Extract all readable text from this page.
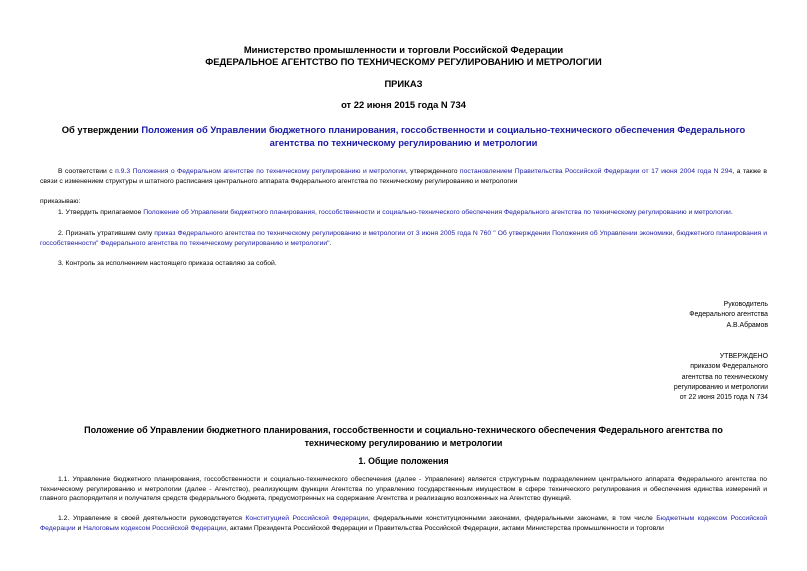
Министерство промышленности и торговли Российской Федерации
ФЕДЕРАЛЬНОЕ АГЕНТСТВО ПО ТЕХНИЧЕСКОМУ РЕГУЛИРОВАНИЮ И МЕТРОЛОГИИ
ПРИКАЗ
от 22 июня 2015 года N 734
Об утверждении Положения об Управлении бюджетного планирования, госсобственности и социально-технического обеспечения Федерального агентства по техническому регулированию и метрологии
В соответствии с п.9.3 Положения о Федеральном агентстве по техническому регулированию и метрологии, утвержденного постановлением Правительства Российской Федерации от 17 июня 2004 года N 294, а также в связи с изменением структуры и штатного расписания центрального аппарата Федерального агентства по техническому регулированию и метрологии
приказываю:
1. Утвердить прилагаемое Положение об Управлении бюджетного планирования, госсобственности и социально-технического обеспечения Федерального агентства по техническому регулированию и метрологии.
2. Признать утратившим силу приказ Федерального агентства по техническому регулированию и метрологии от 3 июня 2005 года N 760 " Об утверждении Положения об Управлении экономики, бюджетного планирования и госсобственности" Федерального агентства по техническому регулированию и метрологии".
3. Контроль за исполнением настоящего приказа оставляю за собой.
Руководитель
Федерального агентства
А.В.Абрамов
УТВЕРЖДЕНО
приказом Федерального
агентства по техническому
регулированию и метрологии
от 22 июня 2015 года N 734
Положение об Управлении бюджетного планирования, госсобственности и социально-технического обеспечения Федерального агентства по техническому регулированию и метрологии
1. Общие положения
1.1. Управление бюджетного планирования, госсобственности и социально-технического обеспечения (далее - Управление) является структурным подразделением центрального аппарата Федерального агентства по техническому регулированию и метрологии (далее - Агентство), реализующим функции Агентства по управлению государственным имуществом в сфере технического регулирования и обеспечения единства измерений и главного распорядителя и получателя средств федерального бюджета, предусмотренных на содержание Агентства и реализацию возложенных на Агентство функций.
1.2. Управление в своей деятельности руководствуется Конституцией Российской Федерации, федеральными конституционными законами, федеральными законами, в том числе Бюджетным кодексом Российской Федерации и Налоговым кодексом Российской Федерации, актами Президента Российской Федерации и Правительства Российской Федерации, актами Министерства промышленности и торговли
